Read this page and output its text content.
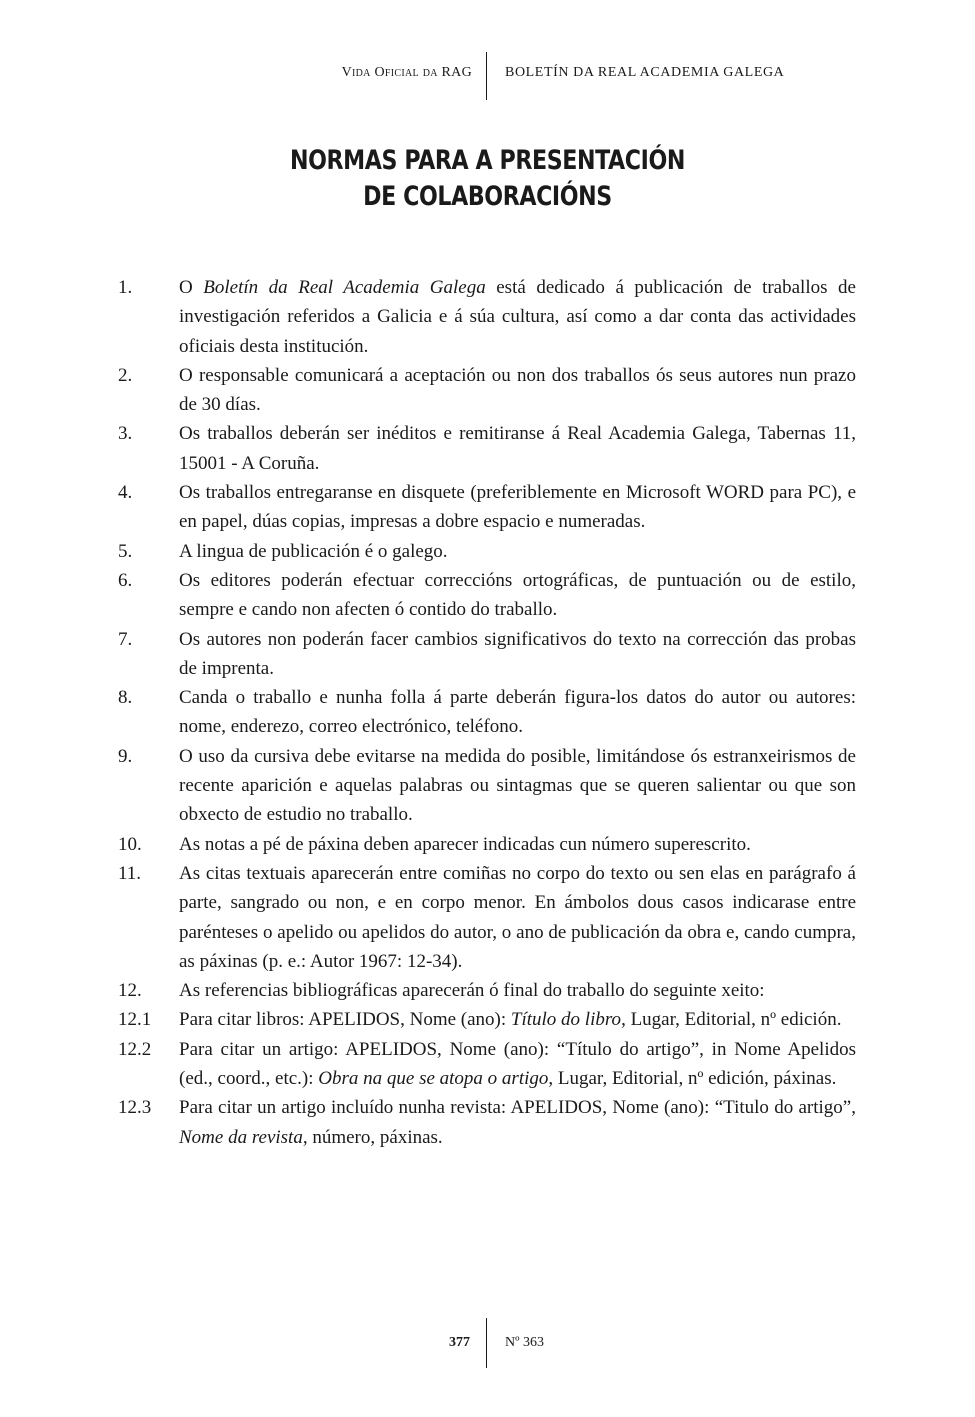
Vida Oficial da RAG BOLETÍN DA REAL ACADEMIA GALEGA
NORMAS PARA A PRESENTACIÓN
DE COLABORACIÓNS
1.	O Boletín da Real Academia Galega está dedicado á publicación de traballos de investigación referidos a Galicia e á súa cultura, así como a dar conta das actividades oficiais desta institución.
2.	O responsable comunicará a aceptación ou non dos traballos ós seus autores nun prazo de 30 días.
3.	Os traballos deberán ser inéditos e remitiranse á Real Academia Galega, Tabernas 11, 15001 - A Coruña.
4.	Os traballos entregaranse en disquete (preferiblemente en Microsoft WORD para PC), e en papel, dúas copias, impresas a dobre espacio e numeradas.
5.	A lingua de publicación é o galego.
6.	Os editores poderán efectuar correccións ortográficas, de puntuación ou de estilo, sempre e cando non afecten ó contido do traballo.
7.	Os autores non poderán facer cambios significativos do texto na corrección das probas de imprenta.
8.	Canda o traballo e nunha folla á parte deberán figura-los datos do autor ou autores: nome, enderezo, correo electrónico, teléfono.
9.	O uso da cursiva debe evitarse na medida do posible, limitándose ós estranxeirismos de recente aparición e aquelas palabras ou sintagmas que se queren salientar ou que son obxecto de estudio no traballo.
10.	As notas a pé de páxina deben aparecer indicadas cun número superescrito.
11.	As citas textuais aparecerán entre comiñas no corpo do texto ou sen elas en parágrafo á parte, sangrado ou non, e en corpo menor. En ámbolos dous casos indicarase entre parénteses o apelido ou apelidos do autor, o ano de publicación da obra e, cando cumpra, as páxinas (p. e.: Autor 1967: 12-34).
12.	As referencias bibliográficas aparecerán ó final do traballo do seguinte xeito:
12.1	Para citar libros: APELIDOS, Nome (ano): Título do libro, Lugar, Editorial, nº edición.
12.2	Para citar un artigo: APELIDOS, Nome (ano): “Título do artigo”, in Nome Apelidos (ed., coord., etc.): Obra na que se atopa o artigo, Lugar, Editorial, nº edición, páxinas.
12.3	Para citar un artigo incluído nunha revista: APELIDOS, Nome (ano): “Titulo do artigo”, Nome da revista, número, páxinas.
377	Nº 363
